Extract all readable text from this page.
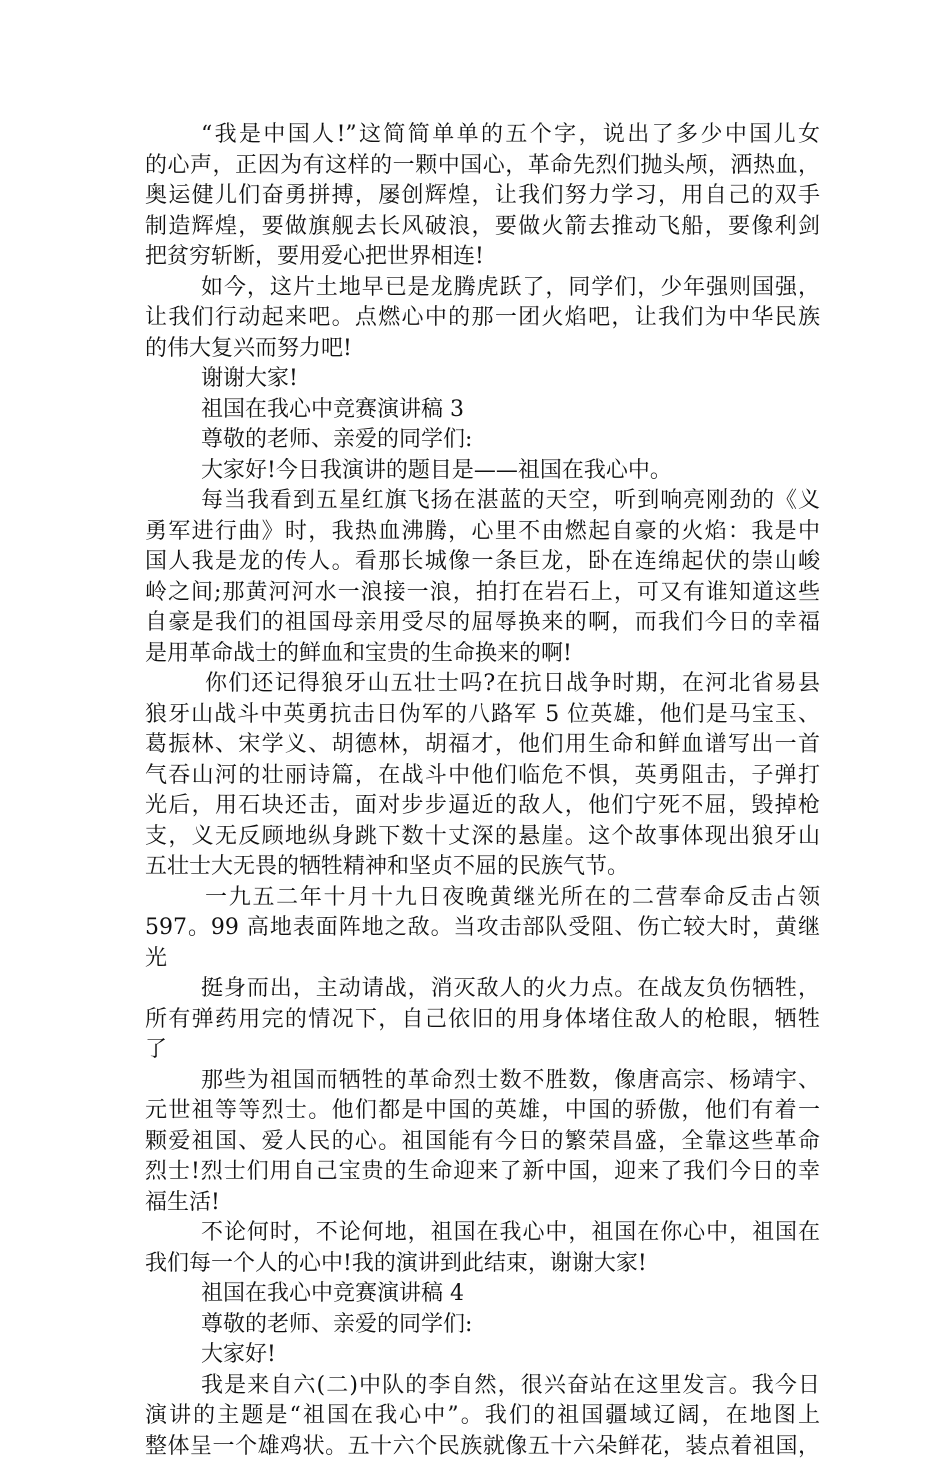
“我是中国人!”这简简单单的五个字，说出了多少中国儿女
的心声，正因为有这样的一颗中国心，革命先烈们抛头颅，洒热血，
奥运健儿们奋勇拼搏，屡创辉煌，让我们努力学习，用自己的双手
制造辉煌，要做旗舰去长风破浪，要做火箭去推动飞船，要像利剑
把贫穷斩断，要用爱心把世界相连!
如今，这片土地早已是龙腾虎跃了，同学们，少年强则国强，
让我们行动起来吧。点燃心中的那一团火焰吧，让我们为中华民族
的伟大复兴而努力吧!
谢谢大家!
祖国在我心中竞赛演讲稿 3
尊敬的老师、亲爱的同学们:
大家好!今日我演讲的题目是——祖国在我心中。
每当我看到五星红旗飞扬在湛蓝的天空，听到响亮刚劲的《义
勇军进行曲》时，我热血沸腾，心里不由燃起自豪的火焰：我是中
国人我是龙的传人。看那长城像一条巨龙，卧在连绵起伏的崇山峻
岭之间;那黄河河水一浪接一浪，拍打在岩石上，可又有谁知道这些
自豪是我们的祖国母亲用受尽的屈辱换来的啊，而我们今日的幸福
是用革命战士的鲜血和宝贵的生命换来的啊!
你们还记得狼牙山五壮士吗?在抗日战争时期，在河北省易县
狼牙山战斗中英勇抗击日伪军的八路军 5 位英雄，他们是马宝玉、
葛振林、宋学义、胡德林，胡福才，他们用生命和鲜血谱写出一首
气吞山河的壮丽诗篇，在战斗中他们临危不惧，英勇阻击，子弹打
光后，用石块还击，面对步步逼近的敌人，他们宁死不屈，毁掉枪
支，义无反顾地纵身跳下数十丈深的悬崖。这个故事体现出狼牙山
五壮士大无畏的牺牲精神和坚贞不屈的民族气节。
一九五二年十月十九日夜晚黄继光所在的二营奉命反击占领
597。99 高地表面阵地之敌。当攻击部队受阻、伤亡较大时，黄继
光
挺身而出，主动请战，消灭敌人的火力点。在战友负伤牺牲，
所有弹药用完的情况下，自己依旧的用身体堵住敌人的枪眼，牺牲
了
那些为祖国而牺牲的革命烈士数不胜数，像唐高宗、杨靖宇、
元世祖等等烈士。他们都是中国的英雄，中国的骄傲，他们有着一
颗爱祖国、爱人民的心。祖国能有今日的繁荣昌盛，全靠这些革命
烈士!烈士们用自己宝贵的生命迎来了新中国，迎来了我们今日的幸
福生活!
不论何时，不论何地，祖国在我心中，祖国在你心中，祖国在
我们每一个人的心中!我的演讲到此结束，谢谢大家!
祖国在我心中竞赛演讲稿 4
尊敬的老师、亲爱的同学们:
大家好!
我是来自六(二)中队的李自然，很兴奋站在这里发言。我今日
演讲的主题是“祖国在我心中”。我们的祖国疆域辽阔，在地图上
整体呈一个雄鸡状。五十六个民族就像五十六朵鲜花，装点着祖国，
